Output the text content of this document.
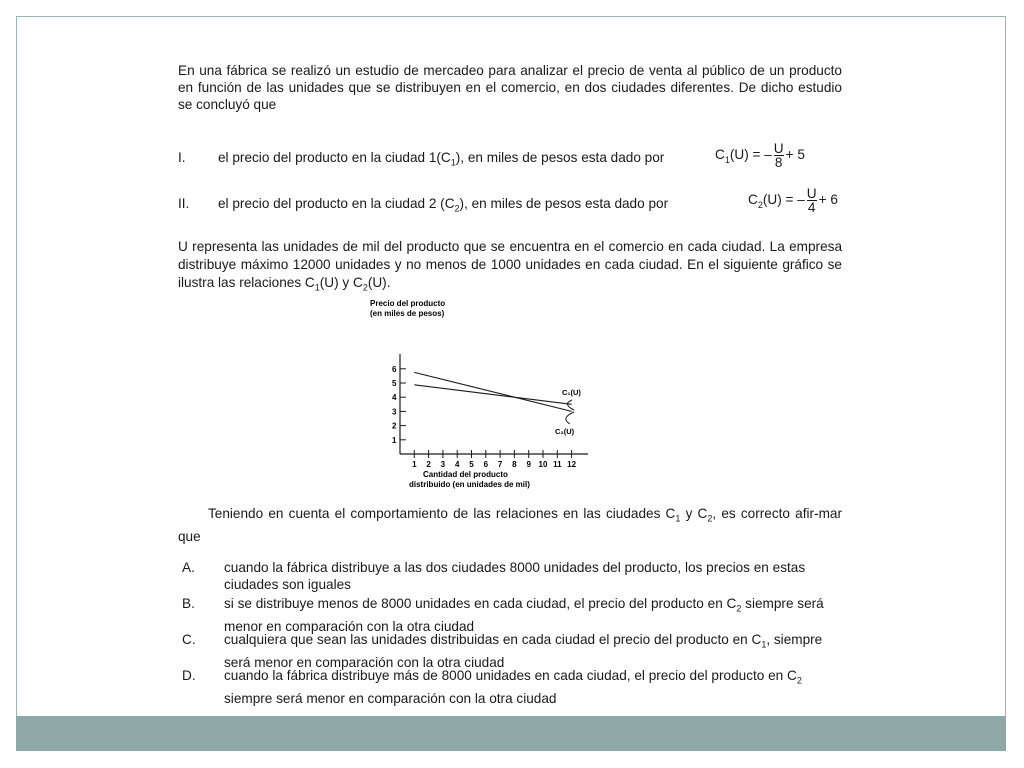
En una fábrica se realizó un estudio de mercadeo para analizar el precio de venta al público de un producto en función de las unidades que se distribuyen en el comercio, en dos ciudades diferentes. De dicho estudio se concluyó que

I. el precio del producto en la ciudad $1(C_1)$, en miles de pesos esta dado por	$C_1(U)$ = – $\frac{U}{8} + 5$
II. el precio del producto en la ciudad 2 $(C_2)$, en miles de pesos esta dado por	$C_2(U)$ = – $\frac{U}{4} + 6$
U representa las unidades de mil del producto que se encuentra en el comercio en cada ciudad. La empresa distribuye máximo 12000 unidades y no menos de 1000 unidades en cada ciudad. En el siguiente gráfico se ilustra las relaciones $C_1(U)$ y $C_2(U)$.
Precio del producto
(en miles de pesos)
1
2
3
4
5
6
1 2 3 4 5 6 7 8 9 10 11 12
C₁(U)
C₂(U)
Cantidad del producto
distribuido (en unidades de mil)
Teniendo en cuenta el comportamiento de las relaciones en las ciudades $C_1$ y $C_2$, es correcto afir-mar que
A. cuando la fábrica distribuye a las dos ciudades 8000 unidades del producto, los precios en estas ciudades son iguales
B. si se distribuye menos de 8000 unidades en cada ciudad, el precio del producto en $C_2$ siempre será menor en comparación con la otra ciudad
C. cualquiera que sean las unidades distribuidas en cada ciudad el precio del producto en $C_1$, siempre será menor en comparación con la otra ciudad
D. cuando la fábrica distribuye más de 8000 unidades en cada ciudad, el precio del producto en $C_2$ siempre será menor en comparación con la otra ciudad
